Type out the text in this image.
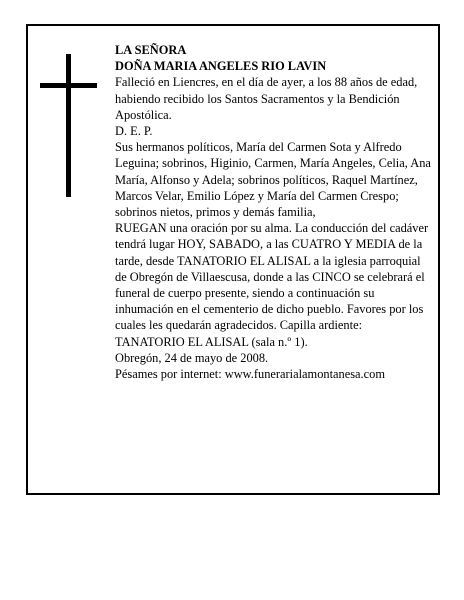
LA SEÑORA

DOÑA MARIA ANGELES RIO LAVIN

Falleció en Liencres, en el día de ayer, a los 88 años de edad,

habiendo recibido los Santos Sacramentos y la Bendición Apostólica.

D. E. P.

Sus hermanos políticos, María del Carmen Sota y Alfredo Leguina; sobrinos, Higinio, Carmen, María Angeles, Celia, Ana María, Alfonso y Adela; sobrinos políticos, Raquel Martínez, Marcos Velar, Emilio López y María del Carmen Crespo; sobrinos nietos, primos y demás familia,

RUEGAN una oración por su alma. La conducción del cadáver tendrá lugar HOY, SABADO, a las CUATRO Y MEDIA de la tarde, desde TANATORIO EL ALISAL a la iglesia parroquial de Obregón de Villaescusa, donde a las CINCO se celebrará el funeral de cuerpo presente, siendo a continuación su inhumación en el cementerio de dicho pueblo. Favores por los cuales les quedarán agradecidos. Capilla ardiente: TANATORIO EL ALISAL (sala n.º 1).

Obregón, 24 de mayo de 2008.

Pésames por internet: www.funerarialamontanesa.com
